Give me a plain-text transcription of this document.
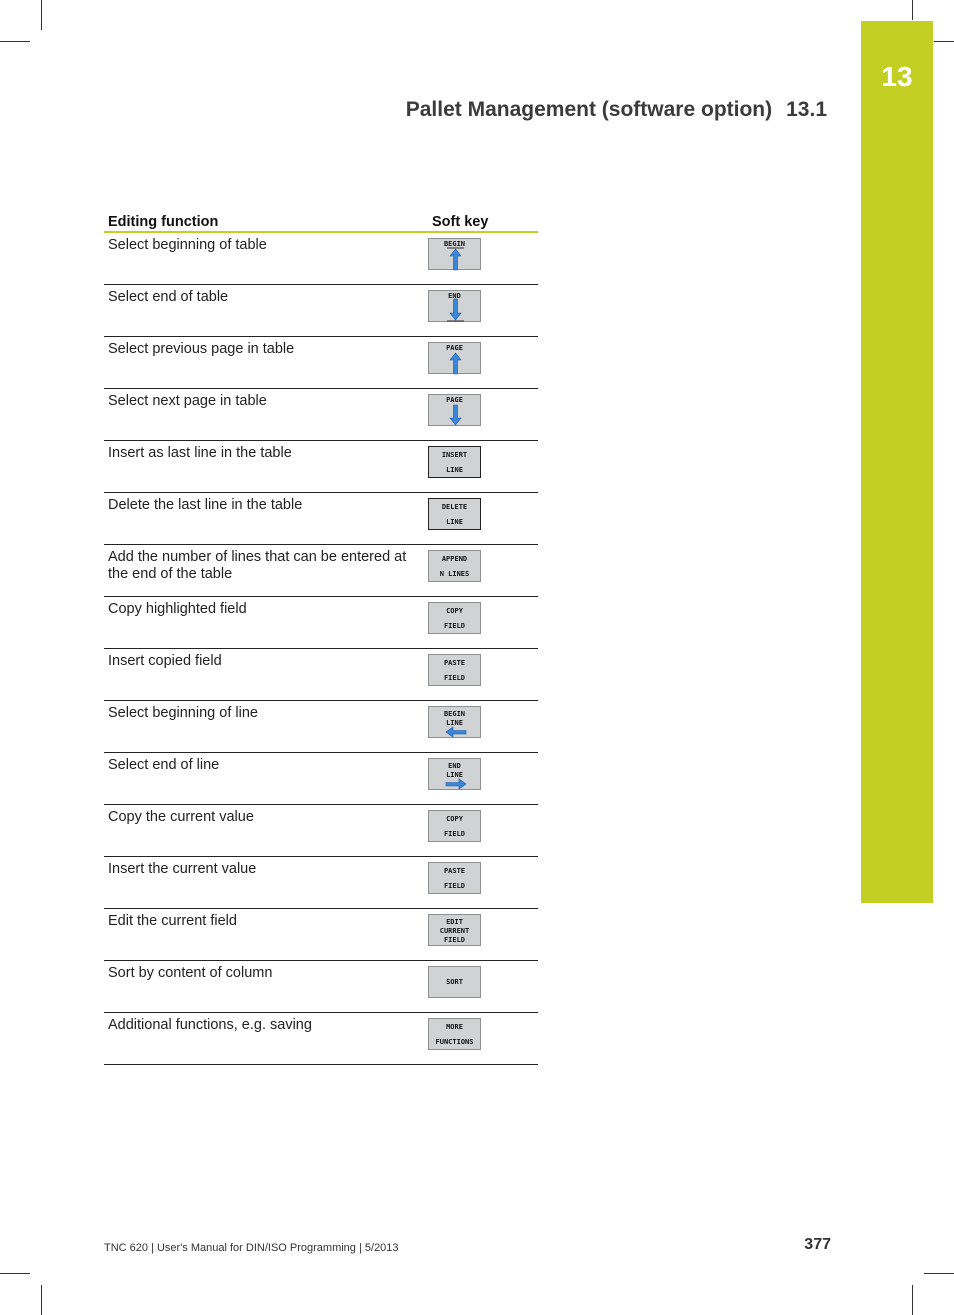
13
Pallet Management (software option) 13.1
Editing function	Soft key
Select beginning of table	BEGIN

Select end of table	END

Select previous page in table	PAGE

Select next page in table	PAGE

Insert as last line in the table	INSERT
LINE

Delete the last line in the table	DELETE
LINE

Add the number of lines that can be entered at the end of the table	APPEND
N LINES

Copy highlighted field	COPY
FIELD

Insert copied field	PASTE
FIELD

Select beginning of line	BEGIN
LINE

Select end of line	END
LINE

Copy the current value	COPY
FIELD

Insert the current value	PASTE
FIELD

Edit the current field	EDIT
CURRENT
FIELD

Sort by content of column	SORT

Additional functions, e.g. saving	MORE
FUNCTIONS
TNC 620 | User's Manual for DIN/ISO Programming | 5/2013	377
